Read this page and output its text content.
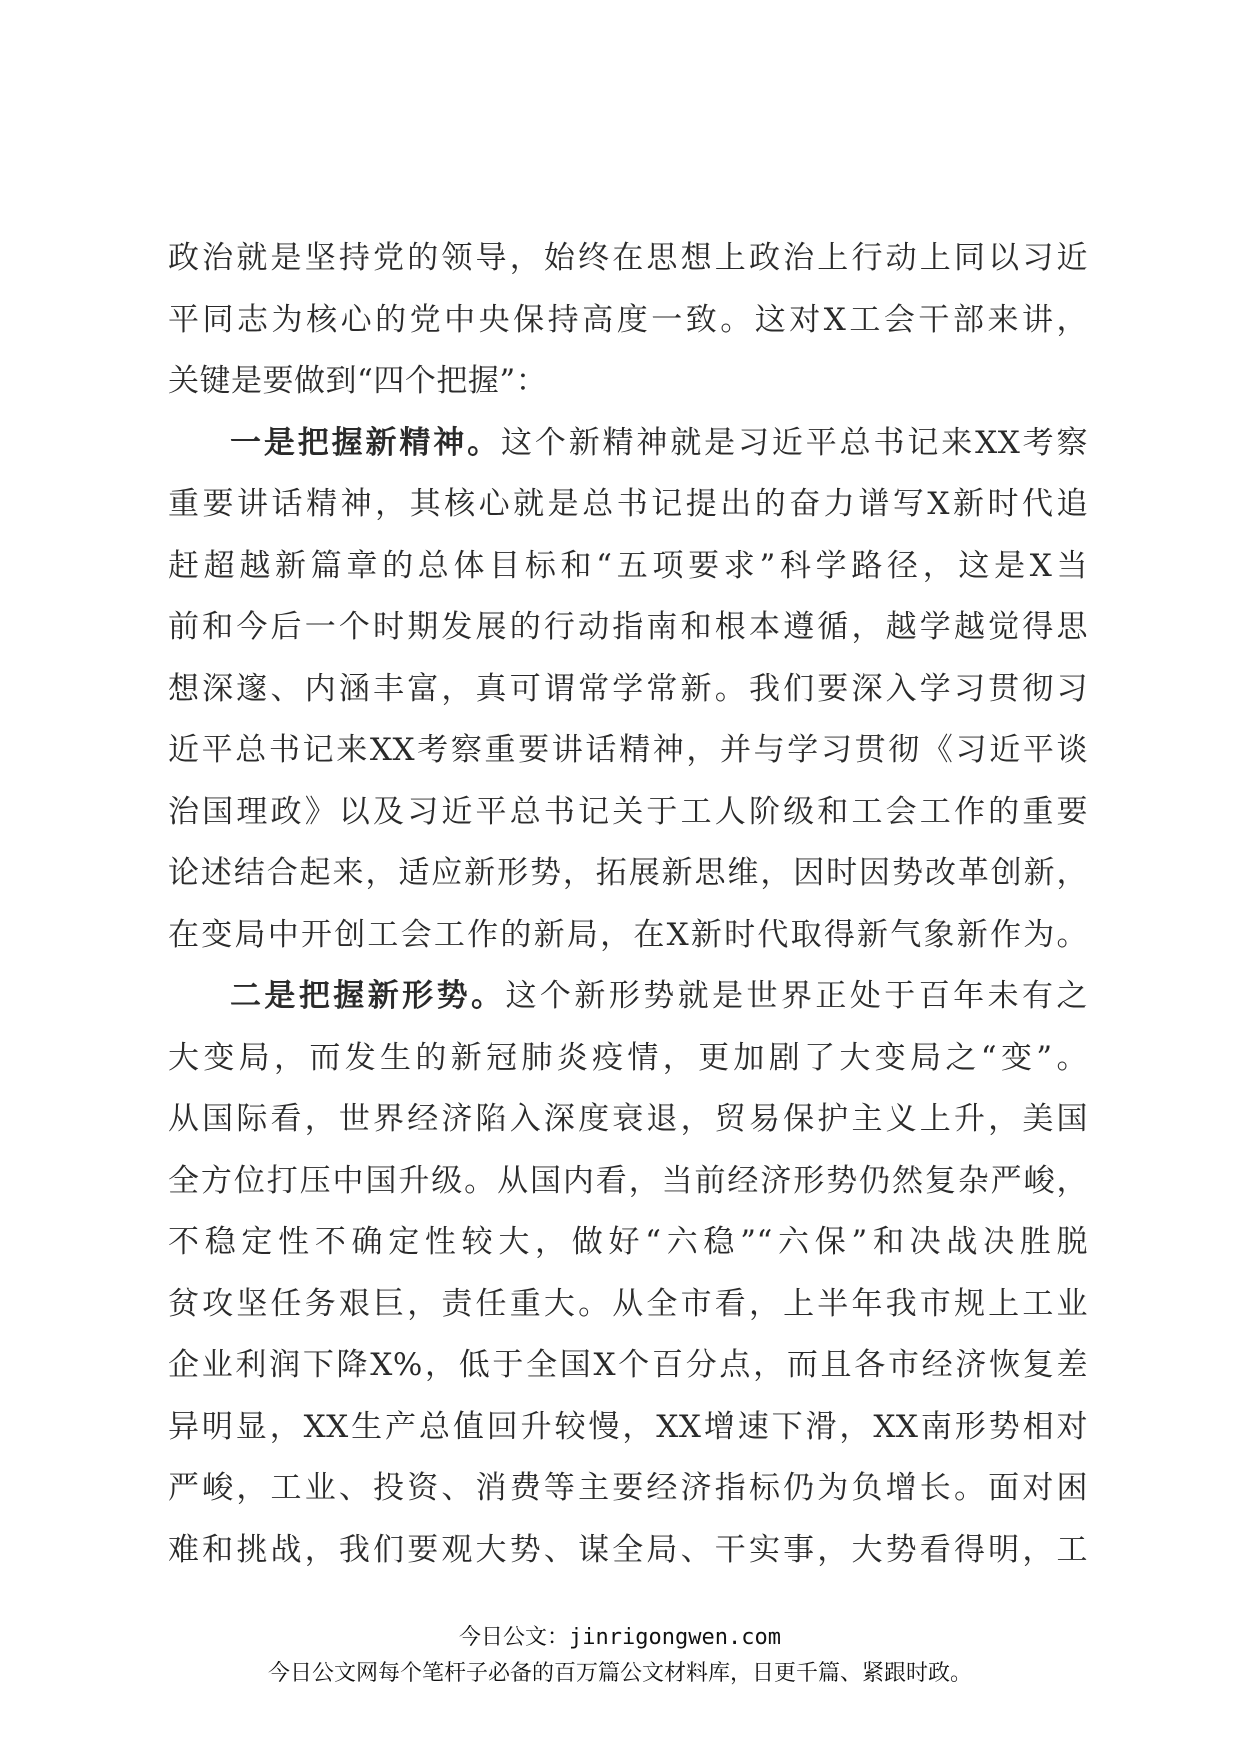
政治就是坚持党的领导，始终在思想上政治上行动上同以习近
平同志为核心的党中央保持高度一致。这对X工会干部来讲，
关键是要做到“四个把握”：
一是把握新精神。这个新精神就是习近平总书记来XX考察
重要讲话精神，其核心就是总书记提出的奋力谱写X新时代追
赶超越新篇章的总体目标和“五项要求”科学路径，这是X当
前和今后一个时期发展的行动指南和根本遵循，越学越觉得思
想深邃、内涵丰富，真可谓常学常新。我们要深入学习贯彻习
近平总书记来XX考察重要讲话精神，并与学习贯彻《习近平谈
治国理政》以及习近平总书记关于工人阶级和工会工作的重要
论述结合起来，适应新形势，拓展新思维，因时因势改革创新，
在变局中开创工会工作的新局，在X新时代取得新气象新作为。
二是把握新形势。这个新形势就是世界正处于百年未有之
大变局，而发生的新冠肺炎疫情，更加剧了大变局之“变”。
从国际看，世界经济陷入深度衰退，贸易保护主义上升，美国
全方位打压中国升级。从国内看，当前经济形势仍然复杂严峻，
不稳定性不确定性较大，做好“六稳”“六保”和决战决胜脱
贫攻坚任务艰巨，责任重大。从全市看，上半年我市规上工业
企业利润下降X%，低于全国X个百分点，而且各市经济恢复差
异明显，XX生产总值回升较慢，XX增速下滑，XX南形势相对
严峻，工业、投资、消费等主要经济指标仍为负增长。面对困
难和挑战，我们要观大势、谋全局、干实事，大势看得明，工
今日公文：jinrigongwen.com
今日公文网每个笔杆子必备的百万篇公文材料库，日更千篇、紧跟时政。
